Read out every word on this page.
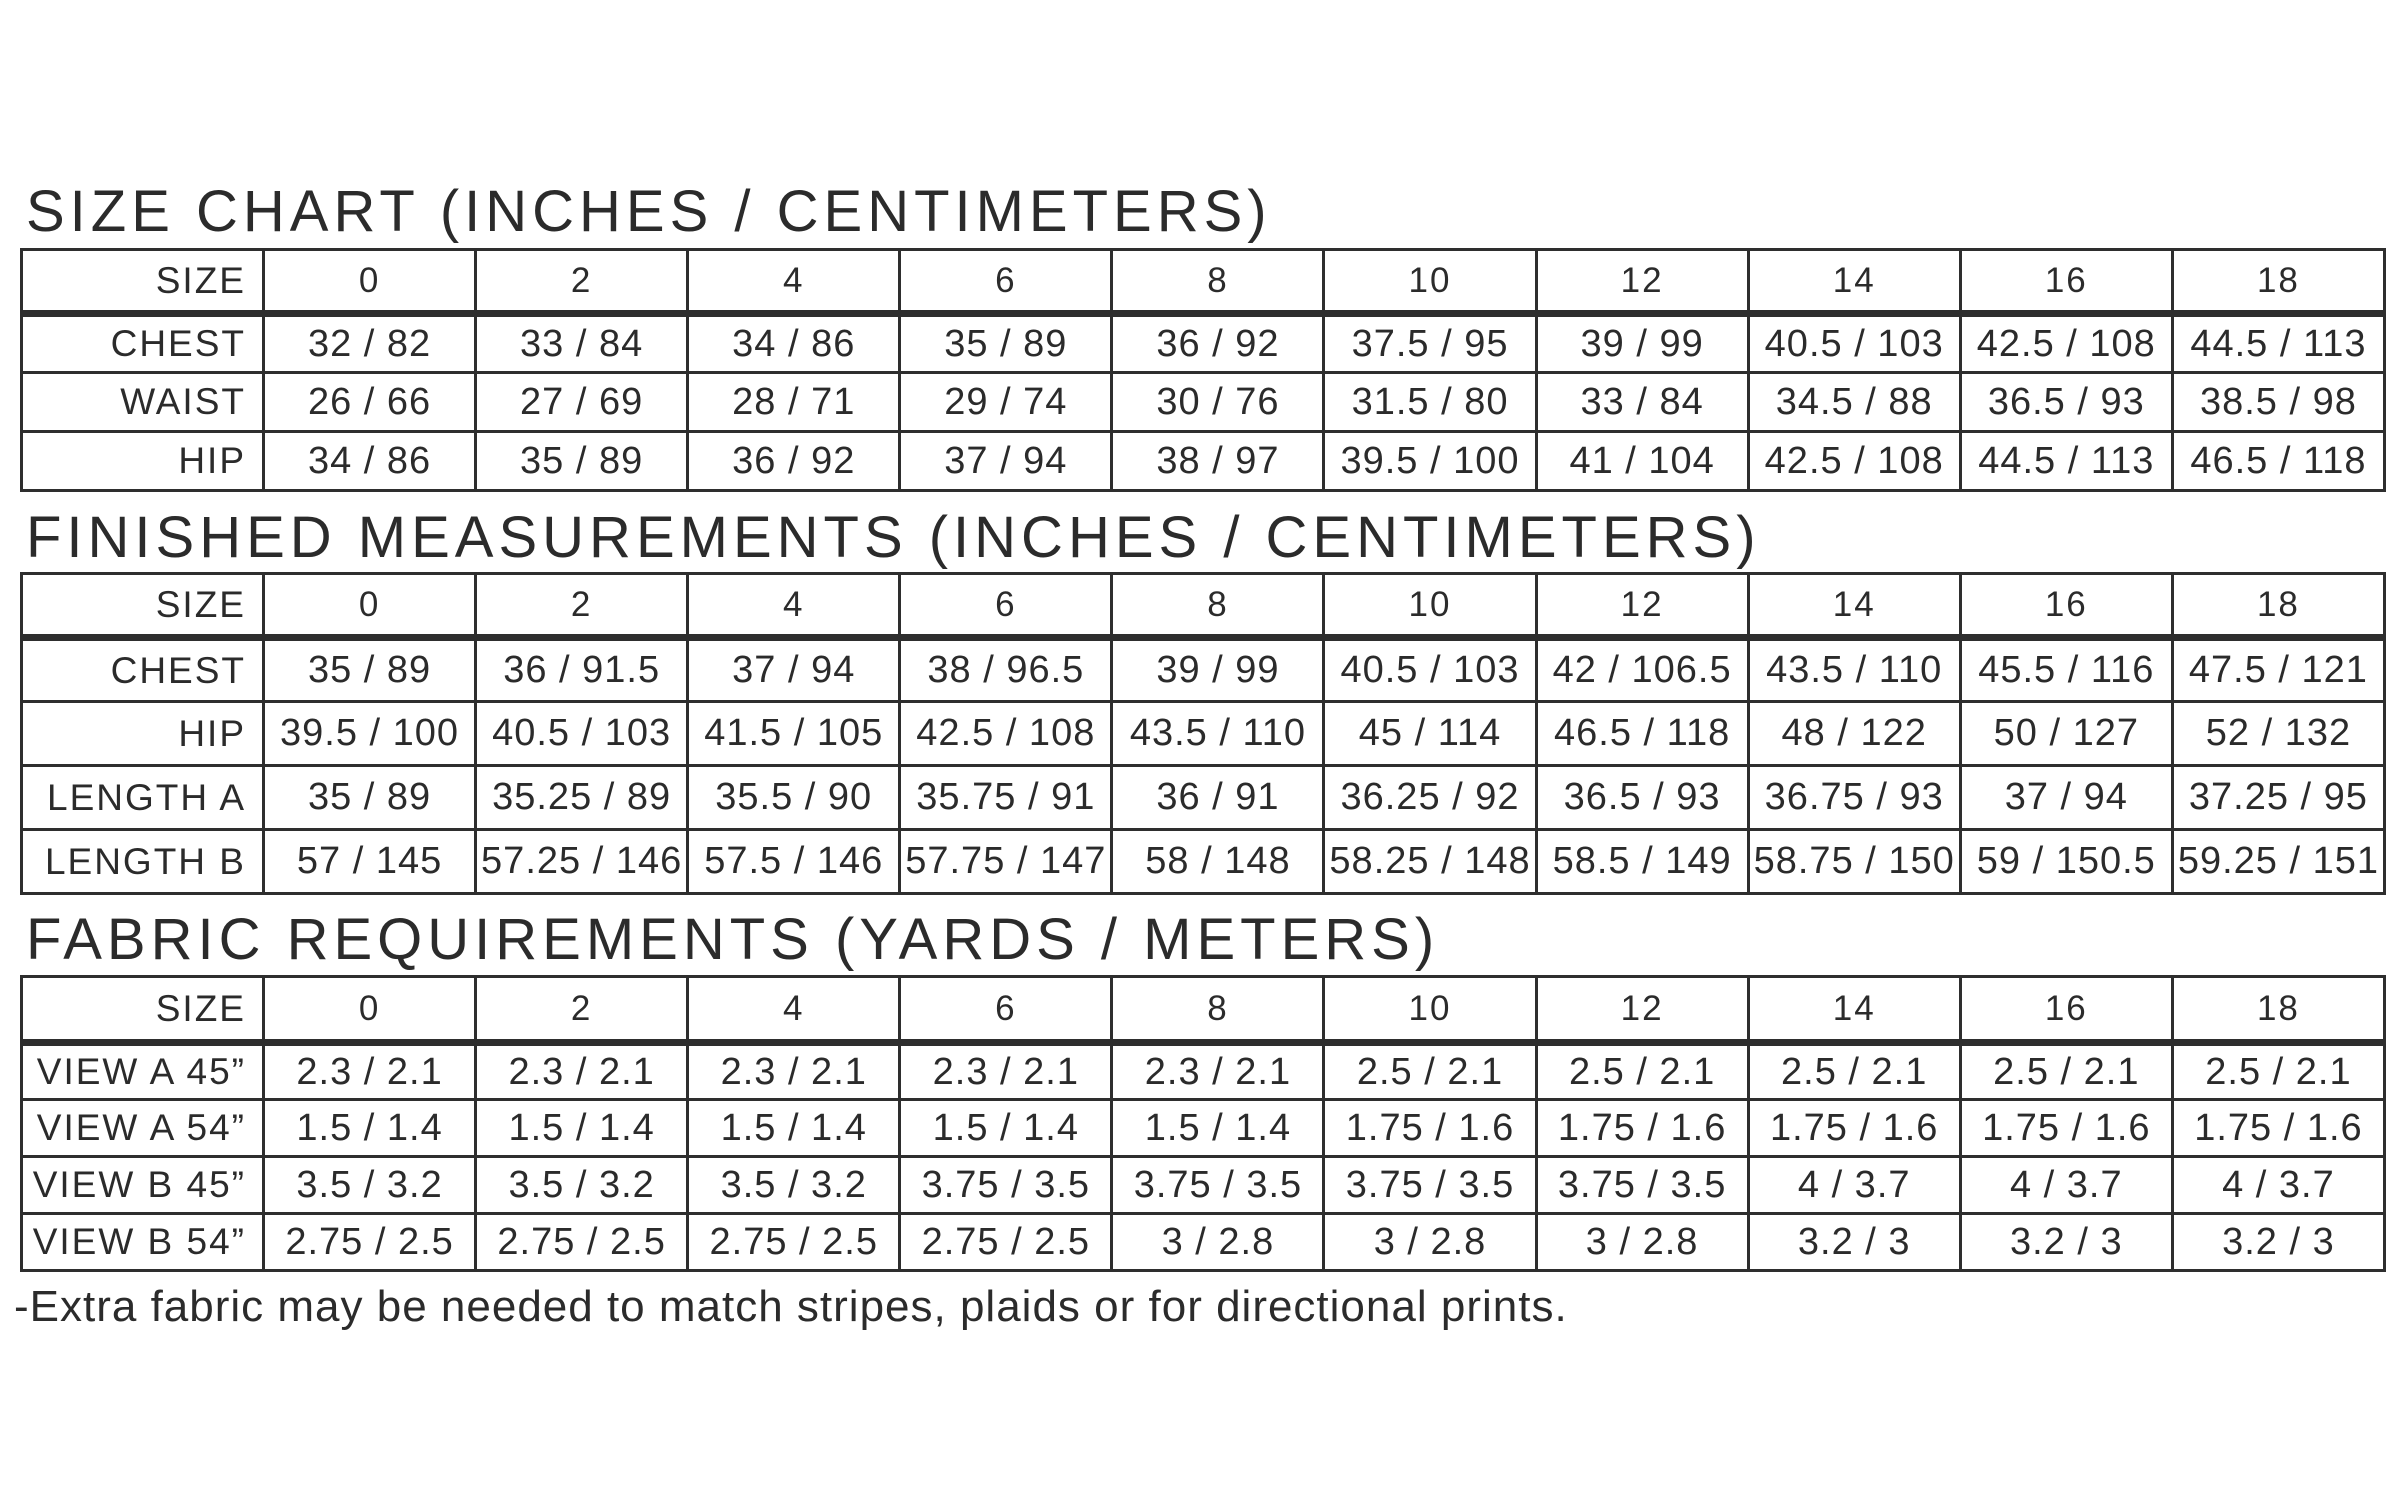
SIZE CHART (INCHES / CENTIMETERS)
SIZE	0	2	4	6	8	10	12	14	16	18
CHEST	32 / 82	33 / 84	34 / 86	35 / 89	36 / 92	37.5 / 95	39 / 99	40.5 / 103	42.5 / 108	44.5 / 113
WAIST	26 / 66	27 / 69	28 / 71	29 / 74	30 / 76	31.5 / 80	33 / 84	34.5 / 88	36.5 / 93	38.5 / 98
HIP	34 / 86	35 / 89	36 / 92	37 / 94	38 / 97	39.5 / 100	41 / 104	42.5 / 108	44.5 / 113	46.5 / 118
FINISHED MEASUREMENTS (INCHES / CENTIMETERS)
SIZE	0	2	4	6	8	10	12	14	16	18
CHEST	35 / 89	36 / 91.5	37 / 94	38 / 96.5	39 / 99	40.5 / 103	42 / 106.5	43.5 / 110	45.5 / 116	47.5 / 121
HIP	39.5 / 100	40.5 / 103	41.5 / 105	42.5 / 108	43.5 / 110	45 / 114	46.5 / 118	48 / 122	50 / 127	52 / 132
LENGTH A	35 / 89	35.25 / 89	35.5 / 90	35.75 / 91	36 / 91	36.25 / 92	36.5 / 93	36.75 / 93	37 / 94	37.25 / 95
LENGTH B	57 / 145	57.25 / 146	57.5 / 146	57.75 / 147	58 / 148	58.25 / 148	58.5 / 149	58.75 / 150	59 / 150.5	59.25 / 151
FABRIC REQUIREMENTS (YARDS / METERS)
SIZE	0	2	4	6	8	10	12	14	16	18
VIEW A 45”	2.3 / 2.1	2.3 / 2.1	2.3 / 2.1	2.3 / 2.1	2.3 / 2.1	2.5 / 2.1	2.5 / 2.1	2.5 / 2.1	2.5 / 2.1	2.5 / 2.1
VIEW A 54”	1.5 / 1.4	1.5 / 1.4	1.5 / 1.4	1.5 / 1.4	1.5 / 1.4	1.75 / 1.6	1.75 / 1.6	1.75 / 1.6	1.75 / 1.6	1.75 / 1.6
VIEW B 45”	3.5 / 3.2	3.5 / 3.2	3.5 / 3.2	3.75 / 3.5	3.75 / 3.5	3.75 / 3.5	3.75 / 3.5	4 / 3.7	4 / 3.7	4 / 3.7
VIEW B 54”	2.75 / 2.5	2.75 / 2.5	2.75 / 2.5	2.75 / 2.5	3 / 2.8	3 / 2.8	3 / 2.8	3.2 / 3	3.2 / 3	3.2 / 3

-Extra fabric may be needed to match stripes, plaids or for directional prints.
